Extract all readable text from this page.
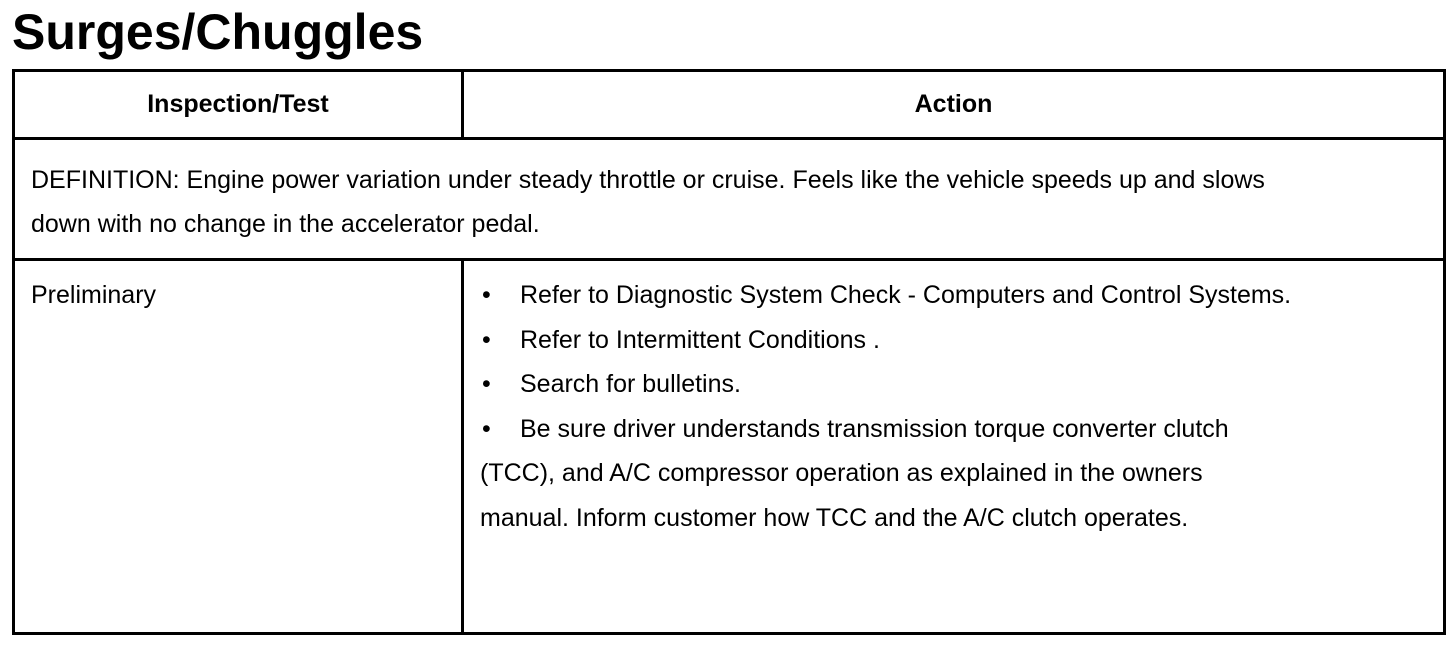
Surges/Chuggles
Inspection/Test	Action

DEFINITION: Engine power variation under steady throttle or cruise. Feels like the vehicle speeds up and slows down with no change in the accelerator pedal.

Preliminary	•	Refer to Diagnostic System Check - Computers and Control Systems.
•	Refer to Intermittent Conditions .
•	Search for bulletins.
•	Be sure driver understands transmission torque converter clutch
(TCC), and A/C compressor operation as explained in the owners
manual. Inform customer how TCC and the A/C clutch operates.
